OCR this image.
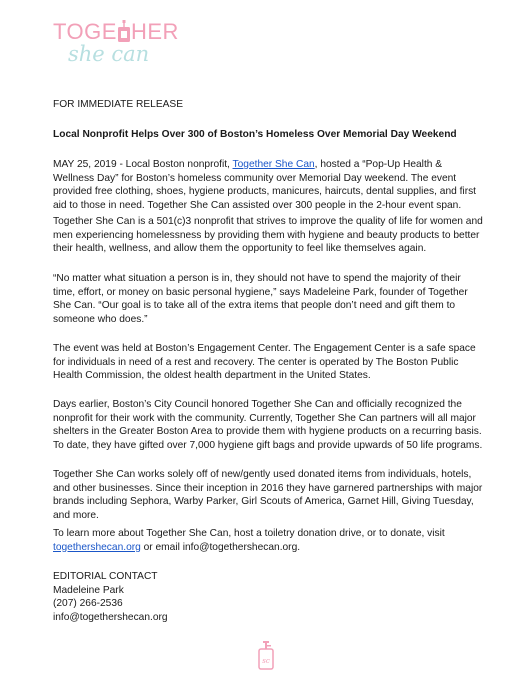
TOGE HER
she can
FOR IMMEDIATE RELEASE
Local Nonprofit Helps Over 300 of Boston’s Homeless Over Memorial Day Weekend

MAY 25, 2019 - Local Boston nonprofit, Together She Can, hosted a “Pop-Up Health & Wellness Day” for Boston’s homeless community over Memorial Day weekend. The event provided free clothing, shoes, hygiene products, manicures, haircuts, dental supplies, and first aid to those in need. Together She Can assisted over 300 people in the 2-hour event span.

Together She Can is a 501(c)3 nonprofit that strives to improve the quality of life for women and men experiencing homelessness by providing them with hygiene and beauty products to better their health, wellness, and allow them the opportunity to feel like themselves again.

“No matter what situation a person is in, they should not have to spend the majority of their time, effort, or money on basic personal hygiene,” says Madeleine Park, founder of Together She Can. “Our goal is to take all of the extra items that people don’t need and gift them to someone who does.”

The event was held at Boston’s Engagement Center. The Engagement Center is a safe space for individuals in need of a rest and recovery. The center is operated by The Boston Public Health Commission, the oldest health department in the United States.

Days earlier, Boston’s City Council honored Together She Can and officially recognized the nonprofit for their work with the community. Currently, Together She Can partners will all major shelters in the Greater Boston Area to provide them with hygiene products on a recurring basis. To date, they have gifted over 7,000 hygiene gift bags and provide upwards of 50 life programs.

Together She Can works solely off of new/gently used donated items from individuals, hotels, and other businesses. Since their inception in 2016 they have garnered partnerships with major brands including Sephora, Warby Parker, Girl Scouts of America, Garnet Hill, Giving Tuesday, and more.

To learn more about Together She Can, host a toiletry donation drive, or to donate, visit togethershecan.org or email info@togethershecan.org.

EDITORIAL CONTACT
Madeleine Park
(207) 266-2536
info@togethershecan.org
sc
